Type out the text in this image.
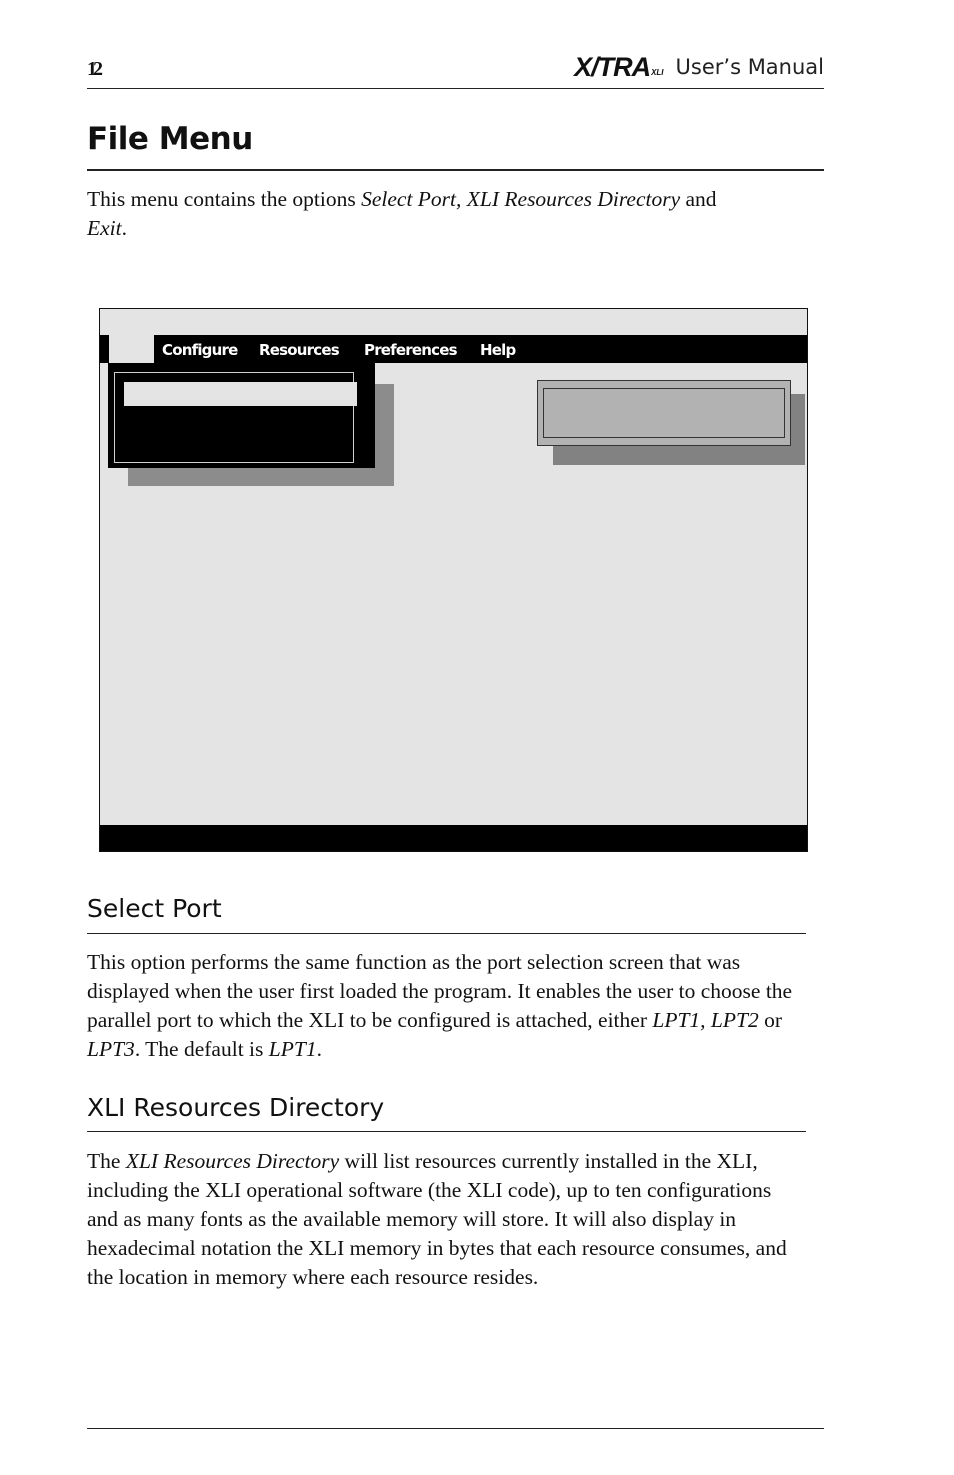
12	X/TRA XLI User’s Manual
File Menu

This menu contains the options Select Port, XLI Resources Directory and
Exit.

Configure Resources Preferences Help
Select Port

This option performs the same function as the port selection screen that was displayed when the user first loaded the program. It enables the user to choose the parallel port to which the XLI to be configured is attached, either LPT1, LPT2 or LPT3. The default is LPT1.

XLI Resources Directory

The XLI Resources Directory will list resources currently installed in the XLI, including the XLI operational software (the XLI code), up to ten configurations and as many fonts as the available memory will store. It will also display in hexadecimal notation the XLI memory in bytes that each resource consumes, and the location in memory where each resource resides.
